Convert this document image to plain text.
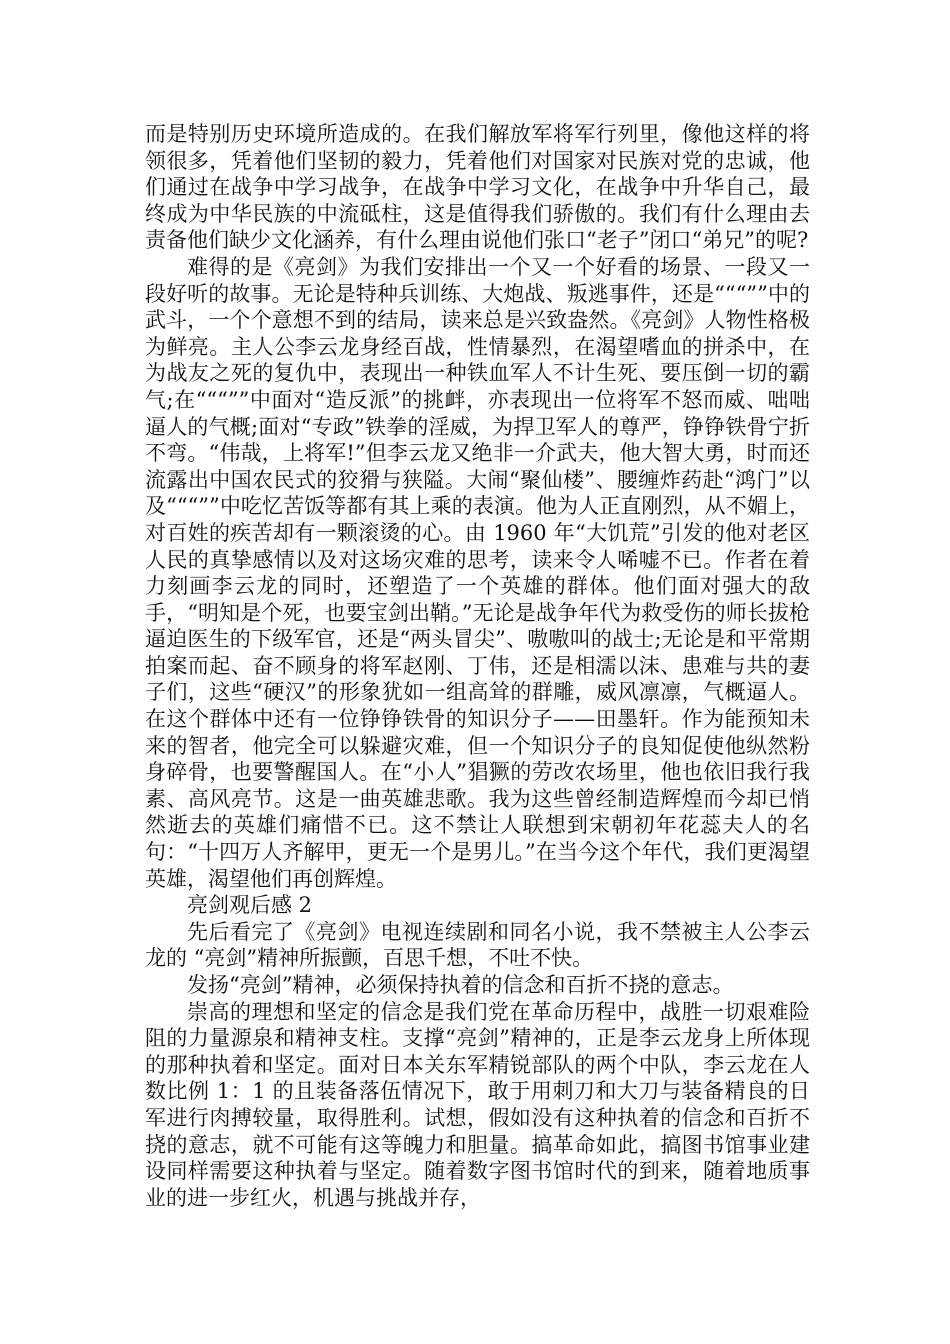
而是特别历史环境所造成的。在我们解放军将军行列里，像他这样的将领很多，凭着他们坚韧的毅力，凭着他们对国家对民族对党的忠诚，他们通过在战争中学习战争，在战争中学习文化，在战争中升华自己，最终成为中华民族的中流砥柱，这是值得我们骄傲的。我们有什么理由去责备他们缺少文化涵养，有什么理由说他们张口“老子”闭口“弟兄”的呢?

难得的是《亮剑》为我们安排出一个又一个好看的场景、一段又一段好听的故事。无论是特种兵训练、大炮战、叛逃事件，还是“““””中的武斗，一个个意想不到的结局，读来总是兴致盎然。《亮剑》人物性格极为鲜亮。主人公李云龙身经百战，性情暴烈，在渴望嗜血的拼杀中，在为战友之死的复仇中，表现出一种铁血军人不计生死、要压倒一切的霸气;在“““””中面对“造反派”的挑衅，亦表现出一位将军不怒而威、咄咄逼人的气概;面对“专政”铁拳的淫威，为捍卫军人的尊严，铮铮铁骨宁折不弯。“伟哉，上将军!”但李云龙又绝非一介武夫，他大智大勇，时而还流露出中国农民式的狡猾与狭隘。大闹“聚仙楼”、腰缠炸药赴“鸿门”以及“““””中吃忆苦饭等都有其上乘的表演。他为人正直刚烈，从不媚上，对百姓的疾苦却有一颗滚烫的心。由 1960 年“大饥荒”引发的他对老区人民的真挚感情以及对这场灾难的思考，读来令人唏嘘不已。作者在着力刻画李云龙的同时，还塑造了一个英雄的群体。他们面对强大的敌手，“明知是个死，也要宝剑出鞘。”无论是战争年代为救受伤的师长拔枪逼迫医生的下级军官，还是“两头冒尖”、嗷嗷叫的战士;无论是和平常期拍案而起、奋不顾身的将军赵刚、丁伟，还是相濡以沫、患难与共的妻子们，这些“硬汉”的形象犹如一组高耸的群雕，威风凛凛，气概逼人。在这个群体中还有一位铮铮铁骨的知识分子——田墨轩。作为能预知未来的智者，他完全可以躲避灾难，但一个知识分子的良知促使他纵然粉身碎骨，也要警醒国人。在“小人”猖獗的劳改农场里，他也依旧我行我素、高风亮节。这是一曲英雄悲歌。我为这些曾经制造辉煌而今却已悄然逝去的英雄们痛惜不已。这不禁让人联想到宋朝初年花蕊夫人的名句：“十四万人齐解甲，更无一个是男儿。”在当今这个年代，我们更渴望英雄，渴望他们再创辉煌。

亮剑观后感 2

先后看完了《亮剑》电视连续剧和同名小说，我不禁被主人公李云龙的 “亮剑”精神所振颤，百思千想，不吐不快。

发扬“亮剑”精神，必须保持执着的信念和百折不挠的意志。

崇高的理想和坚定的信念是我们党在革命历程中，战胜一切艰难险阻的力量源泉和精神支柱。支撑“亮剑”精神的，正是李云龙身上所体现的那种执着和坚定。面对日本关东军精锐部队的两个中队，李云龙在人数比例 1：1 的且装备落伍情况下，敢于用刺刀和大刀与装备精良的日军进行肉搏较量，取得胜利。试想，假如没有这种执着的信念和百折不挠的意志，就不可能有这等魄力和胆量。搞革命如此，搞图书馆事业建设同样需要这种执着与坚定。随着数字图书馆时代的到来，随着地质事业的进一步红火，机遇与挑战并存，
